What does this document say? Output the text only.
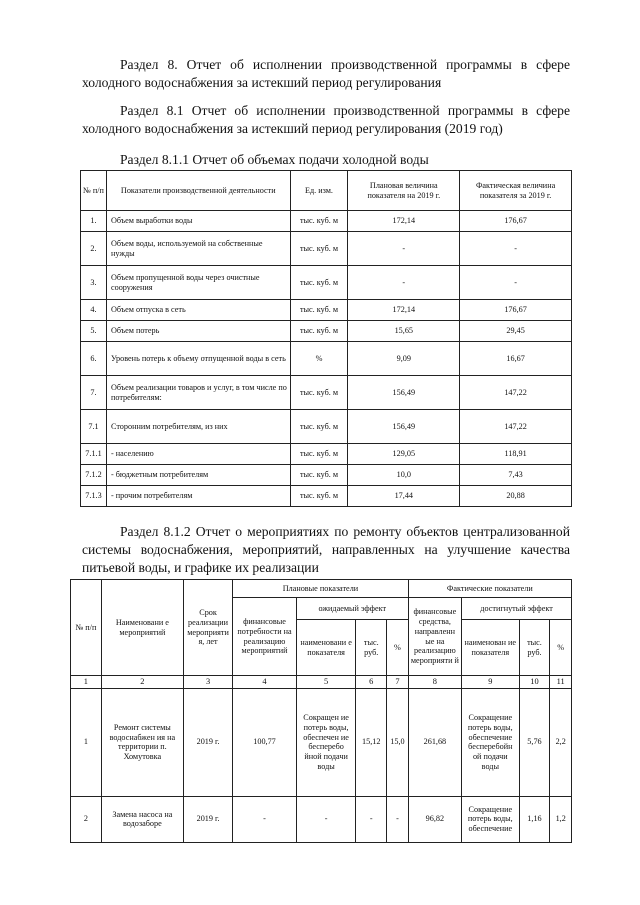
Раздел 8. Отчет об исполнении производственной программы в сфере холодного водоснабжения за истекший период регулирования
Раздел 8.1 Отчет об исполнении производственной программы в сфере холодного водоснабжения за истекший период регулирования (2019 год)
Раздел 8.1.1 Отчет об объемах подачи холодной воды
№ п/п	Показатели производственной деятельности	Ед. изм.	Плановая величина показателя на 2019 г.	Фактическая величина показателя за 2019 г.
1.	Объем выработки воды	тыс. куб. м	172,14	176,67
2.	Объем воды, используемой на собственные нужды	тыс. куб. м	-	-
3.	Объем пропущенной воды через очистные сооружения	тыс. куб. м	-	-
4.	Объем отпуска в сеть	тыс. куб. м	172,14	176,67
5.	Объем потерь	тыс. куб. м	15,65	29,45
6.	Уровень потерь к объему отпущенной воды в сеть	%	9,09	16,67
7.	Объем реализации товаров и услуг, в том числе по потребителям:	тыс. куб. м	156,49	147,22
7.1	Сторонним потребителям, из них	тыс. куб. м	156,49	147,22
7.1.1	- населению	тыс. куб. м	129,05	118,91
7.1.2	- бюджетным потребителям	тыс. куб. м	10,0	7,43
7.1.3	- прочим потребителям	тыс. куб. м	17,44	20,88
Раздел 8.1.2 Отчет о мероприятиях по ремонту объектов централизованной системы водоснабжения, мероприятий, направленных на улучшение качества питьевой воды, и графике их реализации
№ п/п	Наименовани е мероприятий	Срок реализации мероприяти я, лет	Плановые показатели				Фактические показатели			
			финансовые потребности на реализацию мероприятий	ожидаемый эффект			финансовые средства, направленн ые на реализацию мероприяти й	достигнутый эффект		
				наименовани е показателя	тыс. руб.	%		наименован ие показателя	тыс. руб.	%
1	2	3	4	5	6	7	8	9	10	11
1	Ремонт системы водоснабжен ия на территории п. Хомутовка	2019 г.	100,77	Сокращен ие потерь воды, обеспечен ие бесперебо йной подачи воды	15,12	15,0	261,68	Сокращение потерь воды, обеспечение бесперебойн ой подачи воды	5,76	2,2
2	Замена насоса на водозаборе	2019 г.	-	-	-	-	96,82	Сокращение потерь воды, обеспечение	1,16	1,2
